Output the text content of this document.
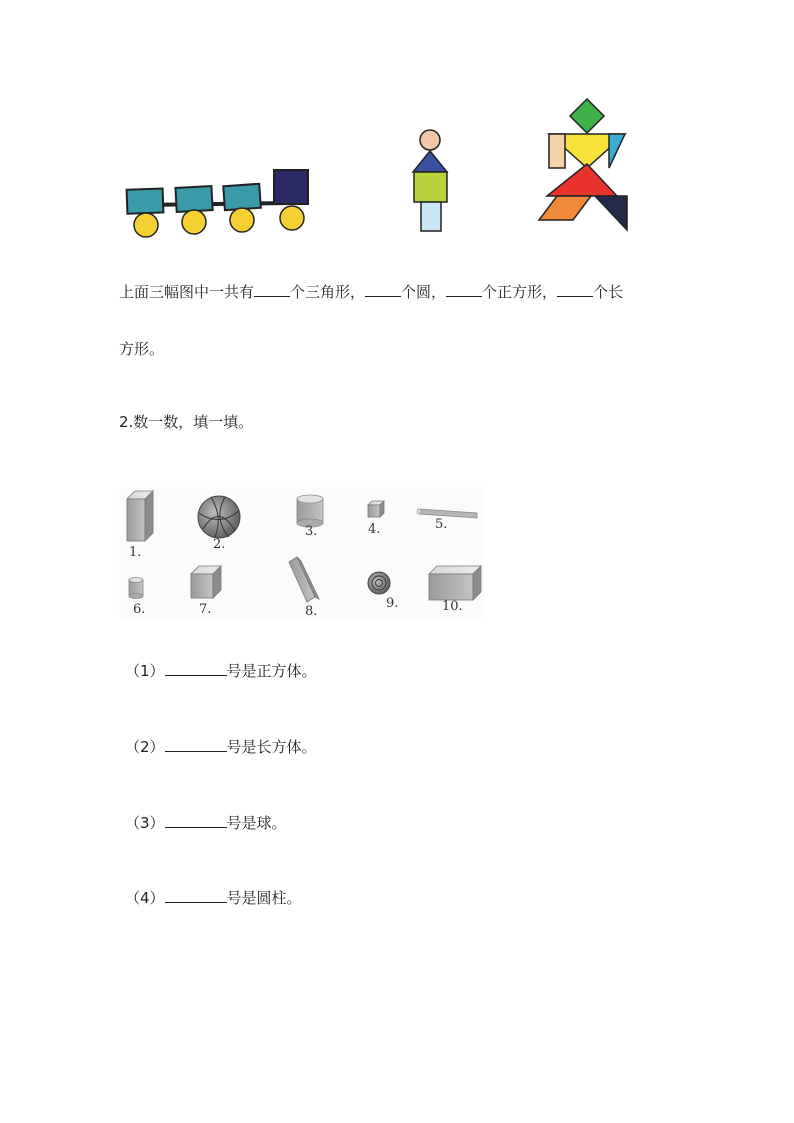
上面三幅图中一共有 个三角形， 个圆， 个正方形， 个长
方形。
2.数一数，填一填。
1.
2.
3.	4.	5.
6.	7.	8.
9.	10.
（1）	号是正方体。
（2）	号是长方体。
（3）	号是球。
（4）	号是圆柱。
